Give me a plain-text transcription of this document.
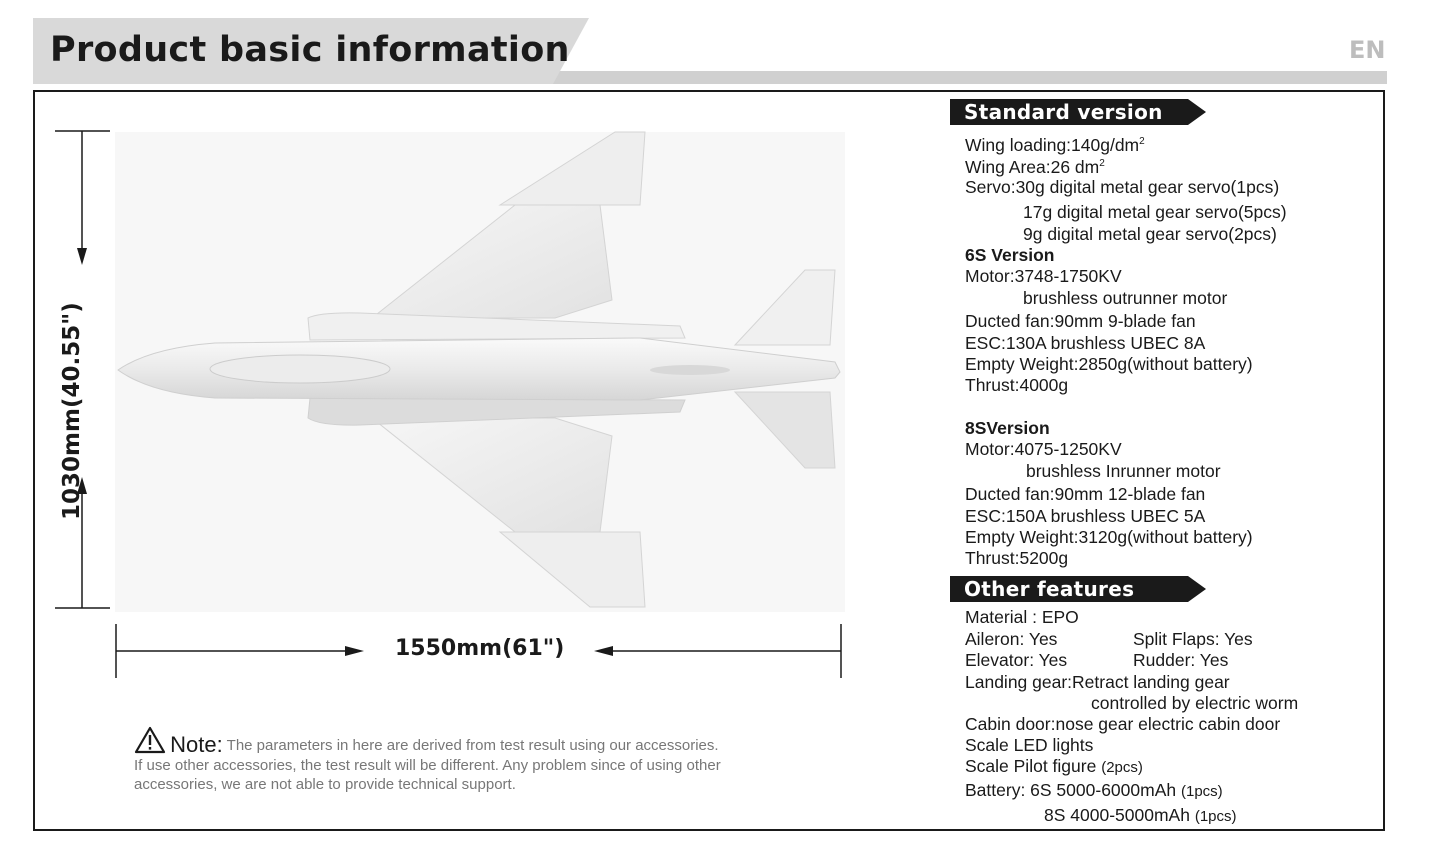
Product basic information	EN
1030mm(40.55")
1550mm(61")
Note: The parameters in here are derived from test result using our accessories.
If use other accessories, the test result will be different. Any problem since of using other
accessories, we are not able to provide technical support.
Standard version
Wing $loading:140g/dm^2$
Wing Area:26 $dm^2$
Servo:30g digital metal gear servo(1pcs)
17g digital metal gear servo(5pcs)
9g digital metal gear servo(2pcs)
6S Version
Motor:3748-1750KV
brushless outrunner motor
Ducted fan:90mm 9-blade fan
ESC:130A brushless UBEC 8A
Empty Weight:2850g(without battery)
Thrust:4000g
8SVersion
Motor:4075-1250KV
brushless Inrunner motor
Ducted fan:90mm 12-blade fan
ESC:150A brushless UBEC 5A
Empty Weight:3120g(without battery)
Thrust:5200g
Other features
Material : EPO
Aileron: Yes	Split Flaps: Yes
Elevator: Yes	Rudder: Yes
Landing gear:Retract landing gear
controlled by electric worm
Cabin door:nose gear electric cabin door
Scale LED lights
Scale Pilot figure (2pcs)
Battery: 6S 5000-6000mAh (1pcs)
8S 4000-5000mAh (1pcs)
